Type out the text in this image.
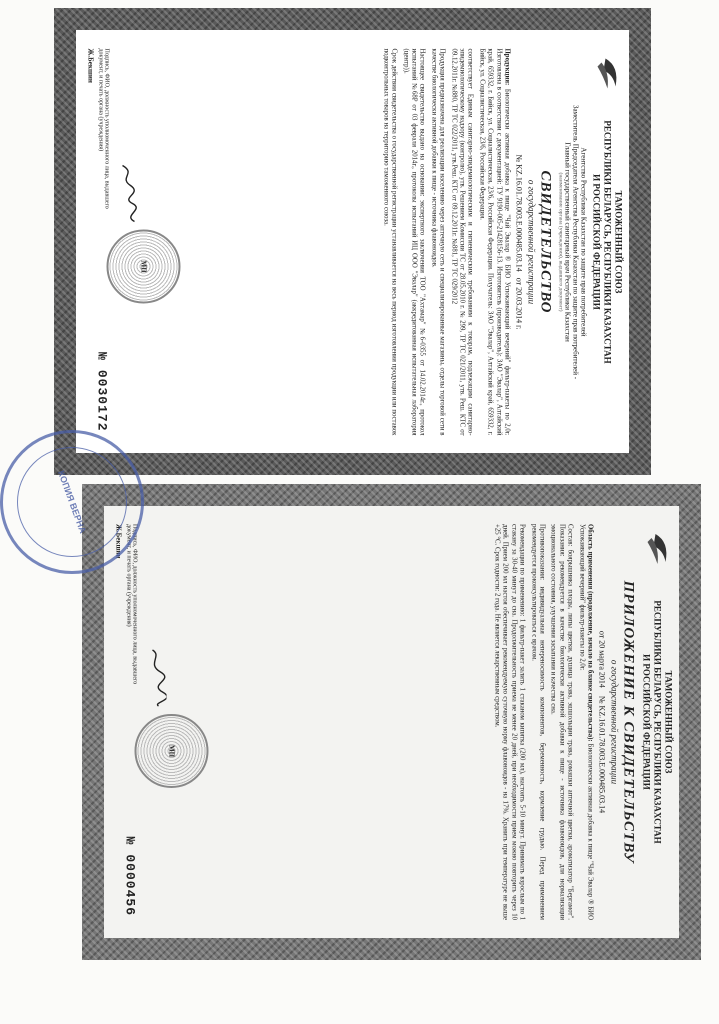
ТАМОЖЕННЫЙ СОЮЗ
РЕСПУБЛИКИ БЕЛАРУСЬ, РЕСПУБЛИКИ КАЗАХСТАН
И РОССИЙСКОЙ ФЕДЕРАЦИИ
Агентство Республики Казахстан по защите прав потребителей
Заместитель Председателя Агентства Республики Казахстан по защите прав потребителей -
Главный государственный санитарный врач Республики Казахстан
(наименование органа (учреждения), выдавшего документ)
СВИДЕТЕЛЬСТВО
о государственной регистрации
№ KZ.16.01.78.003.E.000485.03.14   от 20.03.2014 г.

Продукция: Биологически активная добавка к пище "Чай Эвалар ® БИО Успокаивающий вечерний" фильтр-пакеты по 2,0г. Изготовлена в соответствии с документацией: ТУ 9190-005-21428156-13. Изготовитель (производитель): ЗАО "Эвалар", Алтайский край, 659332, г. Бийск, ул. Социалистическая, 23/6, Российская Федерация. Получатель: ЗАО "Эвалар", Алтайский край, 659332, г. Бийск, ул. Социалистическая, 23/6, Российская Федерация.

соответствует Единым санитарно-эпидемиологическим и гигиеническим требованиям к товарам, подлежащим санитарно-эпидемиологическому надзору (контролю), утв. Решением Комиссии ТС от 28.05.2010 г. № 299, ТР ТС 021/2011, утв. Реш. КТС от 09.12.2011г. №880, ТР ТС 022/2011, утв.Реш. КТС от 09.12.2011г. №881, ТР ТС 029/2012

Продукция предназначена для реализации населению через аптечную сеть и специализированные магазины, отделы торговой сети в качестве биологически активной добавки к пище - источника флавоноидов.

Настоящее свидетельство выдано на основании: экспертного заключения ТОО "Ахтамар" №6-0355 от 14.02.2014г., протокол испытаний №68Р от 03 февраля 2014г., протоколы испытаний ИЦ ООО "Эвалар" (аккредитованная испытательная лаборатория (центр)).

Срок действия свидетельства о государственной регистрации устанавливается на весь период изготовления продукции или поставок подконтрольных товаров на территорию таможенного союза.

МП
Подпись, ФИО, должность уполномоченного лица, выдавшего документ, и печать органа (учреждения)
Ж.Бекшин
№ 0030172
ТАМОЖЕННЫЙ СОЮЗ
РЕСПУБЛИКИ БЕЛАРУСЬ, РЕСПУБЛИКИ КАЗАХСТАН
И РОССИЙСКОЙ ФЕДЕРАЦИИ
ПРИЛОЖЕНИЕ К СВИДЕТЕЛЬСТВУ
о государственной регистрации
от 20 марта 2014    № KZ.16.01.78.003.E.000485.03.14

Область применения (продолжение, начало на бланке свидетельства): Биологически активная добавка к пище "Чай Эвалар ® БИО Успокаивающий вечерний" фильтр-пакеты по 2,0г.

Состав: боярышника плоды, липы цветки, душица трава, эшшольции трава, ромашки аптечной цветки, ароматизатор "Бергамот". Показания: рекомендуется в качестве биологически активной добавки к пище - источника флавоноидов, для нормализации эмоционального состояния, улучшения засыпания и качества сна.

Противопоказания: индивидуальная непереносимость компонентов, беременность, кормление грудью. Перед применением рекомендуется проконсультироваться с врачом.

Рекомендации по применению: 1 фильтр-пакет залить 1 стаканом кипятка (200 мл), настоять 5-10 минут. Принимать взрослым по 1 стакану за 30-40 минут до сна. Продолжительность приема не менее 20 дней, при необходимости прием можно повторить через 10 дней. Прием 200 мл настоя обеспечивает рекомендуемую суточную норму флавоноидов - на 17%. Хранить при температуре не выше +25 °С. Срок годности: 2 года. Не является лекарственным средством.

МП
Подпись, ФИО, должность уполномоченного лица, выдавшего документ, и печать органа (учреждения)
Ж.Бекшин
№ 0000456
КОПИЯ ВЕРНА
